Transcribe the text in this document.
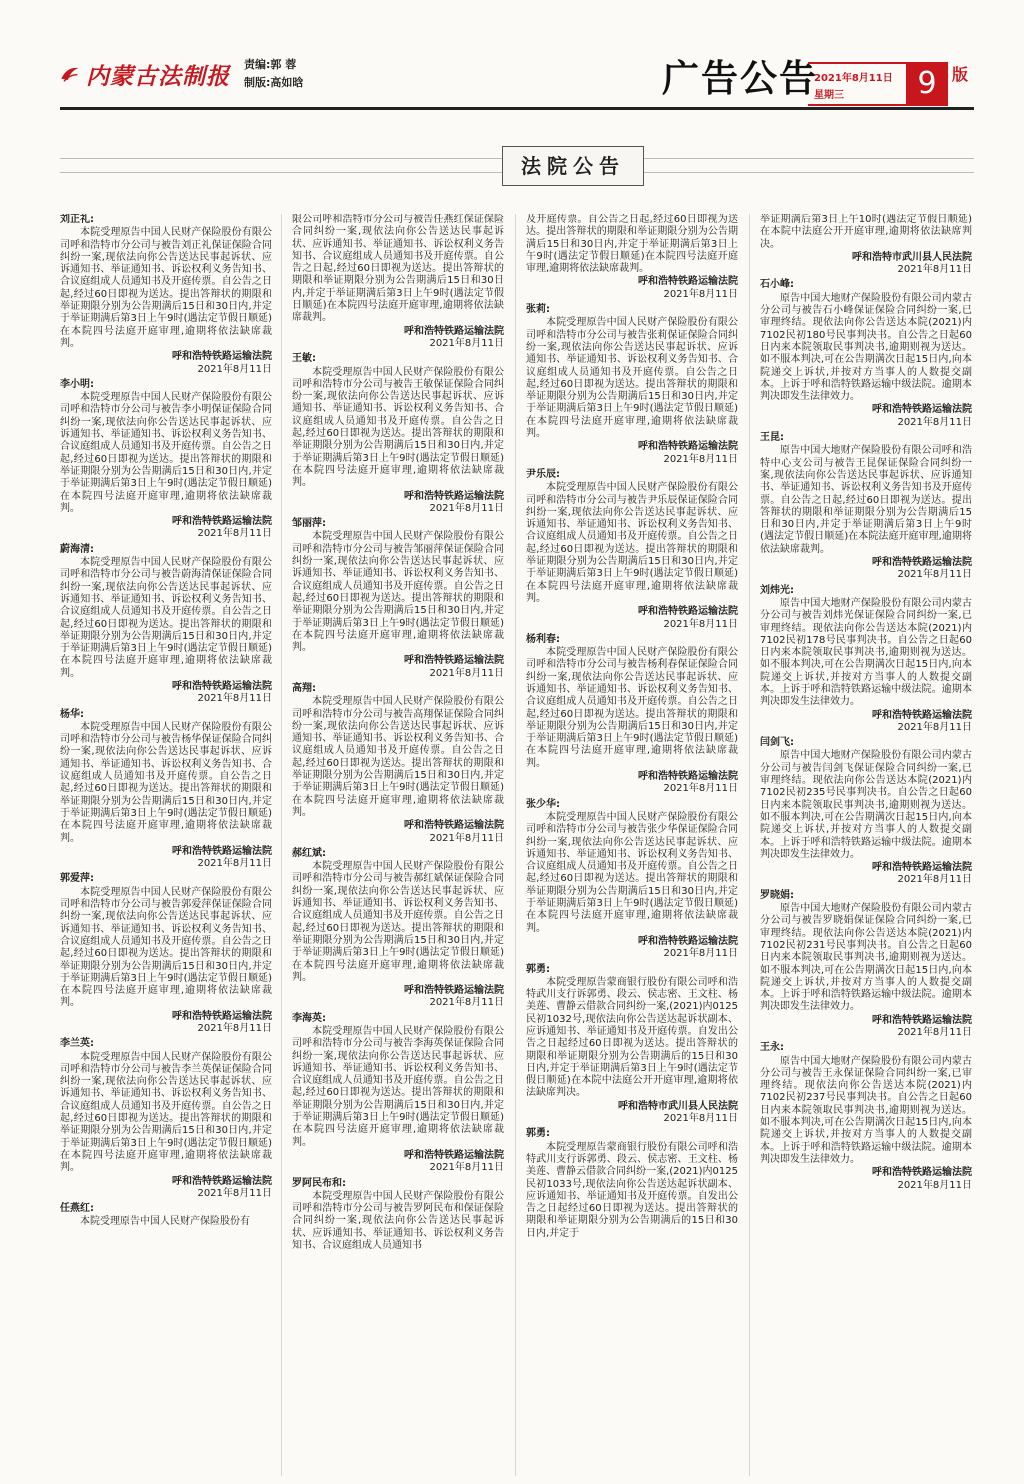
内蒙古法制报 责编:郭 蓉
制版:高如晗	广告公告
2021年8月11日
星期三	9 版
法院公告

刘正礼:

本院受理原告中国人民财产保险股份有限公司呼和浩特市分公司与被告刘正礼保证保险合同纠纷一案,现依法向你公告送达民事起诉状、应诉通知书、举证通知书、诉讼权利义务告知书、合议庭组成人员通知书及开庭传票。自公告之日起,经过60日即视为送达。提出答辩状的期限和举证期限分别为公告期满后15日和30日内,并定于举证期满后第3日上午9时(遇法定节假日顺延)在本院四号法庭开庭审理,逾期将依法缺席裁判。

呼和浩特铁路运输法院

2021年8月11日

李小明:

本院受理原告中国人民财产保险股份有限公司呼和浩特市分公司与被告李小明保证保险合同纠纷一案,现依法向你公告送达民事起诉状、应诉通知书、举证通知书、诉讼权利义务告知书、合议庭组成人员通知书及开庭传票。自公告之日起,经过60日即视为送达。提出答辩状的期限和举证期限分别为公告期满后15日和30日内,并定于举证期满后第3日上午9时(遇法定节假日顺延)在本院四号法庭开庭审理,逾期将依法缺席裁判。

呼和浩特铁路运输法院

2021年8月11日

蔚海清:

本院受理原告中国人民财产保险股份有限公司呼和浩特市分公司与被告蔚海清保证保险合同纠纷一案,现依法向你公告送达民事起诉状、应诉通知书、举证通知书、诉讼权利义务告知书、合议庭组成人员通知书及开庭传票。自公告之日起,经过60日即视为送达。提出答辩状的期限和举证期限分别为公告期满后15日和30日内,并定于举证期满后第3日上午9时(遇法定节假日顺延)在本院四号法庭开庭审理,逾期将依法缺席裁判。

呼和浩特铁路运输法院

2021年8月11日

杨华:

本院受理原告中国人民财产保险股份有限公司呼和浩特市分公司与被告杨华保证保险合同纠纷一案,现依法向你公告送达民事起诉状、应诉通知书、举证通知书、诉讼权利义务告知书、合议庭组成人员通知书及开庭传票。自公告之日起,经过60日即视为送达。提出答辩状的期限和举证期限分别为公告期满后15日和30日内,并定于举证期满后第3日上午9时(遇法定节假日顺延)在本院四号法庭开庭审理,逾期将依法缺席裁判。

呼和浩特铁路运输法院

2021年8月11日

郭爱萍:

本院受理原告中国人民财产保险股份有限公司呼和浩特市分公司与被告郭爱萍保证保险合同纠纷一案,现依法向你公告送达民事起诉状、应诉通知书、举证通知书、诉讼权利义务告知书、合议庭组成人员通知书及开庭传票。自公告之日起,经过60日即视为送达。提出答辩状的期限和举证期限分别为公告期满后15日和30日内,并定于举证期满后第3日上午9时(遇法定节假日顺延)在本院四号法庭开庭审理,逾期将依法缺席裁判。

呼和浩特铁路运输法院

2021年8月11日

李兰英:

本院受理原告中国人民财产保险股份有限公司呼和浩特市分公司与被告李兰英保证保险合同纠纷一案,现依法向你公告送达民事起诉状、应诉通知书、举证通知书、诉讼权利义务告知书、合议庭组成人员通知书及开庭传票。自公告之日起,经过60日即视为送达。提出答辩状的期限和举证期限分别为公告期满后15日和30日内,并定于举证期满后第3日上午9时(遇法定节假日顺延)在本院四号法庭开庭审理,逾期将依法缺席裁判。

呼和浩特铁路运输法院

2021年8月11日

任燕红:

本院受理原告中国人民财产保险股份有

限公司呼和浩特市分公司与被告任燕红保证保险合同纠纷一案,现依法向你公告送达民事起诉状、应诉通知书、举证通知书、诉讼权利义务告知书、合议庭组成人员通知书及开庭传票。自公告之日起,经过60日即视为送达。提出答辩状的期限和举证期限分别为公告期满后15日和30日内,并定于举证期满后第3日上午9时(遇法定节假日顺延)在本院四号法庭开庭审理,逾期将依法缺席裁判。

呼和浩特铁路运输法院

2021年8月11日

王敏:

本院受理原告中国人民财产保险股份有限公司呼和浩特市分公司与被告王敏保证保险合同纠纷一案,现依法向你公告送达民事起诉状、应诉通知书、举证通知书、诉讼权利义务告知书、合议庭组成人员通知书及开庭传票。自公告之日起,经过60日即视为送达。提出答辩状的期限和举证期限分别为公告期满后15日和30日内,并定于举证期满后第3日上午9时(遇法定节假日顺延)在本院四号法庭开庭审理,逾期将依法缺席裁判。

呼和浩特铁路运输法院

2021年8月11日

邹丽萍:

本院受理原告中国人民财产保险股份有限公司呼和浩特市分公司与被告邹丽萍保证保险合同纠纷一案,现依法向你公告送达民事起诉状、应诉通知书、举证通知书、诉讼权利义务告知书、合议庭组成人员通知书及开庭传票。自公告之日起,经过60日即视为送达。提出答辩状的期限和举证期限分别为公告期满后15日和30日内,并定于举证期满后第3日上午9时(遇法定节假日顺延)在本院四号法庭开庭审理,逾期将依法缺席裁判。

呼和浩特铁路运输法院

2021年8月11日

高翔:

本院受理原告中国人民财产保险股份有限公司呼和浩特市分公司与被告高翔保证保险合同纠纷一案,现依法向你公告送达民事起诉状、应诉通知书、举证通知书、诉讼权利义务告知书、合议庭组成人员通知书及开庭传票。自公告之日起,经过60日即视为送达。提出答辩状的期限和举证期限分别为公告期满后15日和30日内,并定于举证期满后第3日上午9时(遇法定节假日顺延)在本院四号法庭开庭审理,逾期将依法缺席裁判。

呼和浩特铁路运输法院

2021年8月11日

郝红斌:

本院受理原告中国人民财产保险股份有限公司呼和浩特市分公司与被告郝红斌保证保险合同纠纷一案,现依法向你公告送达民事起诉状、应诉通知书、举证通知书、诉讼权利义务告知书、合议庭组成人员通知书及开庭传票。自公告之日起,经过60日即视为送达。提出答辩状的期限和举证期限分别为公告期满后15日和30日内,并定于举证期满后第3日上午9时(遇法定节假日顺延)在本院四号法庭开庭审理,逾期将依法缺席裁判。

呼和浩特铁路运输法院

2021年8月11日

李海英:

本院受理原告中国人民财产保险股份有限公司呼和浩特市分公司与被告李海英保证保险合同纠纷一案,现依法向你公告送达民事起诉状、应诉通知书、举证通知书、诉讼权利义务告知书、合议庭组成人员通知书及开庭传票。自公告之日起,经过60日即视为送达。提出答辩状的期限和举证期限分别为公告期满后15日和30日内,并定于举证期满后第3日上午9时(遇法定节假日顺延)在本院四号法庭开庭审理,逾期将依法缺席裁判。

呼和浩特铁路运输法院

2021年8月11日

罗阿民布和:

本院受理原告中国人民财产保险股份有限公司呼和浩特市分公司与被告罗阿民布和保证保险合同纠纷一案,现依法向你公告送达民事起诉状、应诉通知书、举证通知书、诉讼权利义务告知书、合议庭组成人员通知书

及开庭传票。自公告之日起,经过60日即视为送达。提出答辩状的期限和举证期限分别为公告期满后15日和30日内,并定于举证期满后第3日上午9时(遇法定节假日顺延)在本院四号法庭开庭审理,逾期将依法缺席裁判。

呼和浩特铁路运输法院

2021年8月11日

张莉:

本院受理原告中国人民财产保险股份有限公司呼和浩特市分公司与被告张莉保证保险合同纠纷一案,现依法向你公告送达民事起诉状、应诉通知书、举证通知书、诉讼权利义务告知书、合议庭组成人员通知书及开庭传票。自公告之日起,经过60日即视为送达。提出答辩状的期限和举证期限分别为公告期满后15日和30日内,并定于举证期满后第3日上午9时(遇法定节假日顺延)在本院四号法庭开庭审理,逾期将依法缺席裁判。

呼和浩特铁路运输法院

2021年8月11日

尹乐辰:

本院受理原告中国人民财产保险股份有限公司呼和浩特市分公司与被告尹乐辰保证保险合同纠纷一案,现依法向你公告送达民事起诉状、应诉通知书、举证通知书、诉讼权利义务告知书、合议庭组成人员通知书及开庭传票。自公告之日起,经过60日即视为送达。提出答辩状的期限和举证期限分别为公告期满后15日和30日内,并定于举证期满后第3日上午9时(遇法定节假日顺延)在本院四号法庭开庭审理,逾期将依法缺席裁判。

呼和浩特铁路运输法院

2021年8月11日

杨利春:

本院受理原告中国人民财产保险股份有限公司呼和浩特市分公司与被告杨利春保证保险合同纠纷一案,现依法向你公告送达民事起诉状、应诉通知书、举证通知书、诉讼权利义务告知书、合议庭组成人员通知书及开庭传票。自公告之日起,经过60日即视为送达。提出答辩状的期限和举证期限分别为公告期满后15日和30日内,并定于举证期满后第3日上午9时(遇法定节假日顺延)在本院四号法庭开庭审理,逾期将依法缺席裁判。

呼和浩特铁路运输法院

2021年8月11日

张少华:

本院受理原告中国人民财产保险股份有限公司呼和浩特市分公司与被告张少华保证保险合同纠纷一案,现依法向你公告送达民事起诉状、应诉通知书、举证通知书、诉讼权利义务告知书、合议庭组成人员通知书及开庭传票。自公告之日起,经过60日即视为送达。提出答辩状的期限和举证期限分别为公告期满后15日和30日内,并定于举证期满后第3日上午9时(遇法定节假日顺延)在本院四号法庭开庭审理,逾期将依法缺席裁判。

呼和浩特铁路运输法院

2021年8月11日

郭勇:

本院受理原告蒙商银行股份有限公司呼和浩特武川支行诉郭勇、段云、侯志密、王文柱、杨美莲、曹静云借款合同纠纷一案,(2021)内0125民初1032号,现依法向你公告送达起诉状副本、应诉通知书、举证通知书及开庭传票。自发出公告之日起经过60日即视为送达。提出答辩状的期限和举证期限分别为公告期满后的15日和30日内,并定于举证期满后第3日上午9时(遇法定节假日顺延)在本院中法庭公开开庭审理,逾期将依法缺席判决。

呼和浩特市武川县人民法院

2021年8月11日

郭勇:

本院受理原告蒙商银行股份有限公司呼和浩特武川支行诉郭勇、段云、侯志密、王文柱、杨美莲、曹静云借款合同纠纷一案,(2021)内0125民初1033号,现依法向你公告送达起诉状副本、应诉通知书、举证通知书及开庭传票。自发出公告之日起经过60日即视为送达。提出答辩状的期限和举证期限分别为公告期满后的15日和30日内,并定于

举证期满后第3日上午10时(遇法定节假日顺延)在本院中法庭公开开庭审理,逾期将依法缺席判决。

呼和浩特市武川县人民法院

2021年8月11日

石小峰:

原告中国大地财产保险股份有限公司内蒙古分公司与被告石小峰保证保险合同纠纷一案,已审理终结。现依法向你公告送达本院(2021)内7102民初180号民事判决书。自公告之日起60日内来本院领取民事判决书,逾期则视为送达。如不服本判决,可在公告期满次日起15日内,向本院递交上诉状,并按对方当事人的人数提交副本。上诉于呼和浩特铁路运输中级法院。逾期本判决即发生法律效力。

呼和浩特铁路运输法院

2021年8月11日

王昆:

原告中国大地财产保险股份有限公司呼和浩特中心支公司与被告王昆保证保险合同纠纷一案,现依法向你公告送达民事起诉状、应诉通知书、举证通知书、诉讼权利义务告知书及开庭传票。自公告之日起,经过60日即视为送达。提出答辩状的期限和举证期限分别为公告期满后15日和30日内,并定于举证期满后第3日上午9时(遇法定节假日顺延)在本院法庭开庭审理,逾期将依法缺席裁判。

呼和浩特铁路运输法院

2021年8月11日

刘炜光:

原告中国大地财产保险股份有限公司内蒙古分公司与被告刘炜光保证保险合同纠纷一案,已审理终结。现依法向你公告送达本院(2021)内7102民初178号民事判决书。自公告之日起60日内来本院领取民事判决书,逾期则视为送达。如不服本判决,可在公告期满次日起15日内,向本院递交上诉状,并按对方当事人的人数提交副本。上诉于呼和浩特铁路运输中级法院。逾期本判决即发生法律效力。

呼和浩特铁路运输法院

2021年8月11日

闫剑飞:

原告中国大地财产保险股份有限公司内蒙古分公司与被告闫剑飞保证保险合同纠纷一案,已审理终结。现依法向你公告送达本院(2021)内7102民初235号民事判决书。自公告之日起60日内来本院领取民事判决书,逾期则视为送达。如不服本判决,可在公告期满次日起15日内,向本院递交上诉状,并按对方当事人的人数提交副本。上诉于呼和浩特铁路运输中级法院。逾期本判决即发生法律效力。

呼和浩特铁路运输法院

2021年8月11日

罗晓娟:

原告中国大地财产保险股份有限公司内蒙古分公司与被告罗晓娟保证保险合同纠纷一案,已审理终结。现依法向你公告送达本院(2021)内7102民初231号民事判决书。自公告之日起60日内来本院领取民事判决书,逾期则视为送达。如不服本判决,可在公告期满次日起15日内,向本院递交上诉状,并按对方当事人的人数提交副本。上诉于呼和浩特铁路运输中级法院。逾期本判决即发生法律效力。

呼和浩特铁路运输法院

2021年8月11日

王永:

原告中国大地财产保险股份有限公司内蒙古分公司与被告王永保证保险合同纠纷一案,已审理终结。现依法向你公告送达本院(2021)内7102民初237号民事判决书。自公告之日起60日内来本院领取民事判决书,逾期则视为送达。如不服本判决,可在公告期满次日起15日内,向本院递交上诉状,并按对方当事人的人数提交副本。上诉于呼和浩特铁路运输中级法院。逾期本判决即发生法律效力。

呼和浩特铁路运输法院

2021年8月11日
